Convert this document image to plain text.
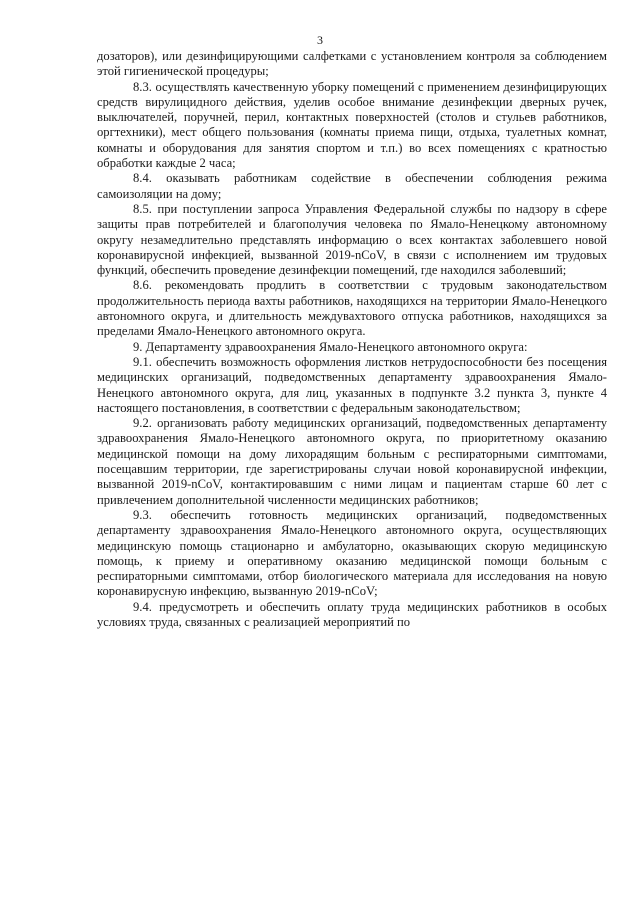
3

дозаторов), или дезинфицирующими салфетками с установлением контроля за соблюдением этой гигиенической процедуры;

8.3. осуществлять качественную уборку помещений с применением дезинфицирующих средств вирулицидного действия, уделив особое внимание дезинфекции дверных ручек, выключателей, поручней, перил, контактных поверхностей (столов и стульев работников, оргтехники), мест общего пользования (комнаты приема пищи, отдыха, туалетных комнат, комнаты и оборудования для занятия спортом и т.п.) во всех помещениях с кратностью обработки каждые 2 часа;

8.4. оказывать работникам содействие в обеспечении соблюдения режима самоизоляции на дому;

8.5. при поступлении запроса Управления Федеральной службы по надзору в сфере защиты прав потребителей и благополучия человека по Ямало-Ненецкому автономному округу незамедлительно представлять информацию о всех контактах заболевшего новой коронавирусной инфекцией, вызванной 2019-nCoV, в связи с исполнением им трудовых функций, обеспечить проведение дезинфекции помещений, где находился заболевший;

8.6. рекомендовать продлить в соответствии с трудовым законодательством продолжительность периода вахты работников, находящихся на территории Ямало-Ненецкого автономного округа, и длительность междувахтового отпуска работников, находящихся за пределами Ямало-Ненецкого автономного округа.

9. Департаменту здравоохранения Ямало-Ненецкого автономного округа:

9.1. обеспечить возможность оформления листков нетрудоспособности без посещения медицинских организаций, подведомственных департаменту здравоохранения Ямало-Ненецкого автономного округа, для лиц, указанных в подпункте 3.2 пункта 3, пункте 4 настоящего постановления, в соответствии с федеральным законодательством;

9.2. организовать работу медицинских организаций, подведомственных департаменту здравоохранения Ямало-Ненецкого автономного округа, по приоритетному оказанию медицинской помощи на дому лихорадящим больным с респираторными симптомами, посещавшим территории, где зарегистрированы случаи новой коронавирусной инфекции, вызванной 2019-nCoV, контактировавшим с ними лицам и пациентам старше 60 лет с привлечением дополнительной численности медицинских работников;

9.3. обеспечить готовность медицинских организаций, подведомственных департаменту здравоохранения Ямало-Ненецкого автономного округа, осуществляющих медицинскую помощь стационарно и амбулаторно, оказывающих скорую медицинскую помощь, к приему и оперативному оказанию медицинской помощи больным с респираторными симптомами, отбор биологического материала для исследования на новую коронавирусную инфекцию, вызванную 2019-nCoV;

9.4. предусмотреть и обеспечить оплату труда медицинских работников в особых условиях труда, связанных с реализацией мероприятий по
